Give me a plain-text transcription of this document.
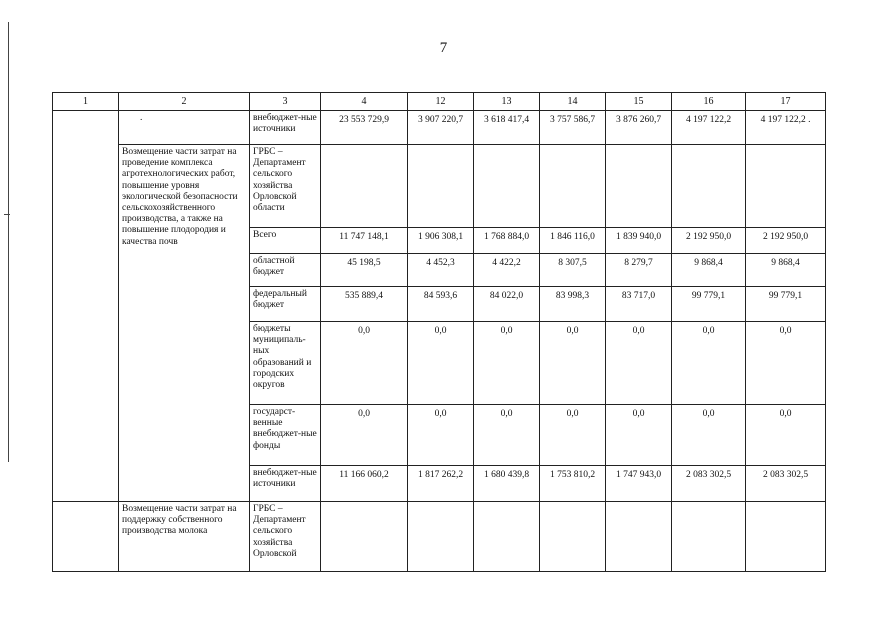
7
1	2	3	4	12	13	14	15	16	17
	.	внебюджет-ные источники	23 553 729,9	3 907 220,7	3 618 417,4	3 757 586,7	3 876 260,7	4 197 122,2	4 197 122,2 .
	Возмещение части затрат на проведение комплекса агротехнологических работ, повышение уровня экологической безопасности сельскохозяйственного производства, а также на повышение плодородия и качества почв	ГРБС – Департамент сельского хозяйства Орловской области							
		Всего	11 747 148,1	1 906 308,1	1 768 884,0	1 846 116,0	1 839 940,0	2 192 950,0	2 192 950,0
		областной бюджет	45 198,5	4 452,3	4 422,2	8 307,5	8 279,7	9 868,4	9 868,4
		федеральный бюджет	535 889,4	84 593,6	84 022,0	83 998,3	83 717,0	99 779,1	99 779,1
		бюджеты муниципаль-ных образований и городских округов	0,0	0,0	0,0	0,0	0,0	0,0	0,0
		государст-венные внебюджет-ные фонды	0,0	0,0	0,0	0,0	0,0	0,0	0,0
		внебюджет-ные источники	11 166 060,2	1 817 262,2	1 680 439,8	1 753 810,2	1 747 943,0	2 083 302,5	2 083 302,5
	Возмещение части затрат на поддержку собственного производства молока	ГРБС – Департамент сельского хозяйства Орловской							
